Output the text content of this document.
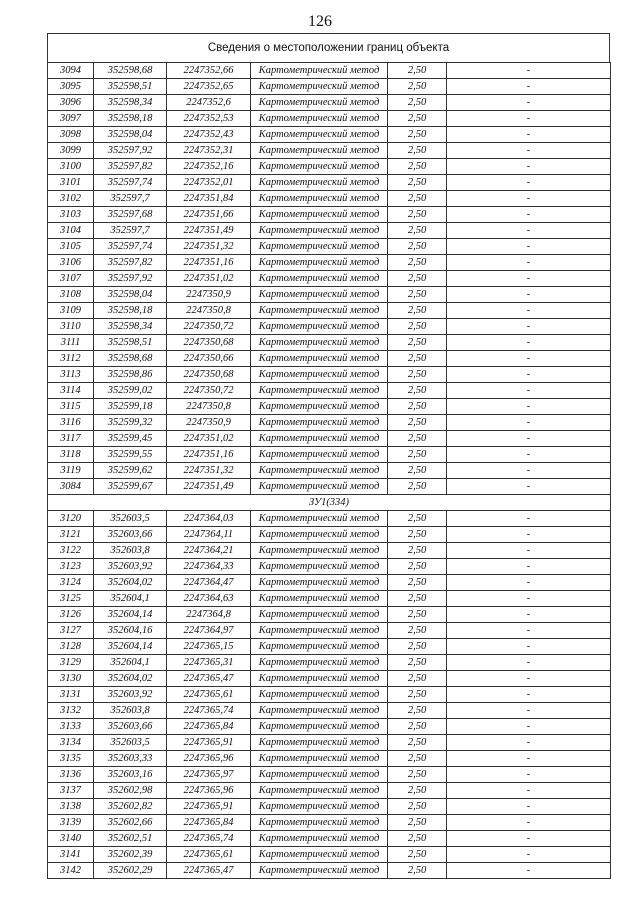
126
Сведения о местоположении границ объекта
3094	352598,68	2247352,66	Картометрический метод	2,50	-
3095	352598,51	2247352,65	Картометрический метод	2,50	-
3096	352598,34	2247352,6	Картометрический метод	2,50	-
3097	352598,18	2247352,53	Картометрический метод	2,50	-
3098	352598,04	2247352,43	Картометрический метод	2,50	-
3099	352597,92	2247352,31	Картометрический метод	2,50	-
3100	352597,82	2247352,16	Картометрический метод	2,50	-
3101	352597,74	2247352,01	Картометрический метод	2,50	-
3102	352597,7	2247351,84	Картометрический метод	2,50	-
3103	352597,68	2247351,66	Картометрический метод	2,50	-
3104	352597,7	2247351,49	Картометрический метод	2,50	-
3105	352597,74	2247351,32	Картометрический метод	2,50	-
3106	352597,82	2247351,16	Картометрический метод	2,50	-
3107	352597,92	2247351,02	Картометрический метод	2,50	-
3108	352598,04	2247350,9	Картометрический метод	2,50	-
3109	352598,18	2247350,8	Картометрический метод	2,50	-
3110	352598,34	2247350,72	Картометрический метод	2,50	-
3111	352598,51	2247350,68	Картометрический метод	2,50	-
3112	352598,68	2247350,66	Картометрический метод	2,50	-
3113	352598,86	2247350,68	Картометрический метод	2,50	-
3114	352599,02	2247350,72	Картометрический метод	2,50	-
3115	352599,18	2247350,8	Картометрический метод	2,50	-
3116	352599,32	2247350,9	Картометрический метод	2,50	-
3117	352599,45	2247351,02	Картометрический метод	2,50	-
3118	352599,55	2247351,16	Картометрический метод	2,50	-
3119	352599,62	2247351,32	Картометрический метод	2,50	-
3084	352599,67	2247351,49	Картометрический метод	2,50	-
ЗУ1(334)					
3120	352603,5	2247364,03	Картометрический метод	2,50	-
3121	352603,66	2247364,11	Картометрический метод	2,50	-
3122	352603,8	2247364,21	Картометрический метод	2,50	-
3123	352603,92	2247364,33	Картометрический метод	2,50	-
3124	352604,02	2247364,47	Картометрический метод	2,50	-
3125	352604,1	2247364,63	Картометрический метод	2,50	-
3126	352604,14	2247364,8	Картометрический метод	2,50	-
3127	352604,16	2247364,97	Картометрический метод	2,50	-
3128	352604,14	2247365,15	Картометрический метод	2,50	-
3129	352604,1	2247365,31	Картометрический метод	2,50	-
3130	352604,02	2247365,47	Картометрический метод	2,50	-
3131	352603,92	2247365,61	Картометрический метод	2,50	-
3132	352603,8	2247365,74	Картометрический метод	2,50	-
3133	352603,66	2247365,84	Картометрический метод	2,50	-
3134	352603,5	2247365,91	Картометрический метод	2,50	-
3135	352603,33	2247365,96	Картометрический метод	2,50	-
3136	352603,16	2247365,97	Картометрический метод	2,50	-
3137	352602,98	2247365,96	Картометрический метод	2,50	-
3138	352602,82	2247365,91	Картометрический метод	2,50	-
3139	352602,66	2247365,84	Картометрический метод	2,50	-
3140	352602,51	2247365,74	Картометрический метод	2,50	-
3141	352602,39	2247365,61	Картометрический метод	2,50	-
3142	352602,29	2247365,47	Картометрический метод	2,50	-
